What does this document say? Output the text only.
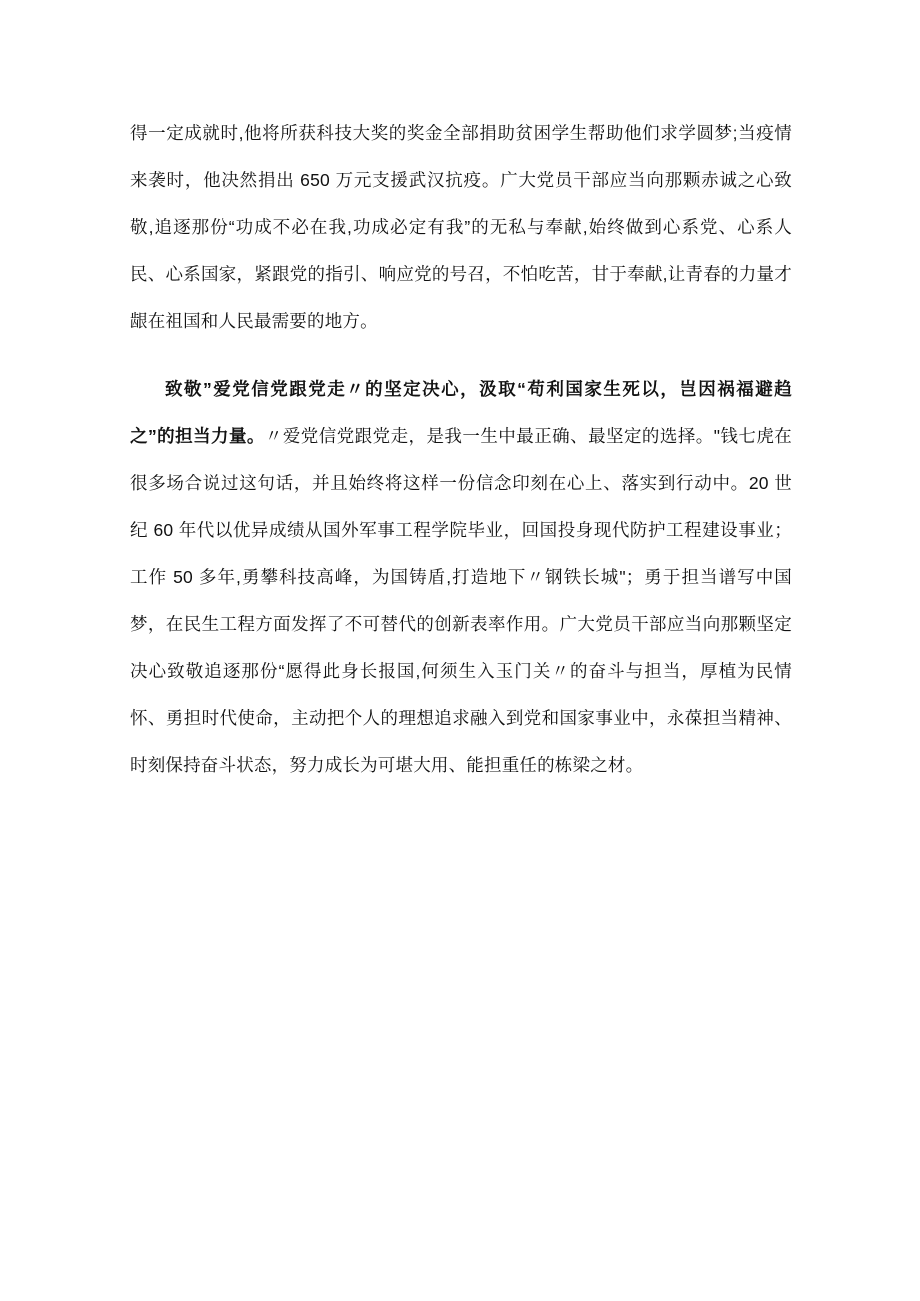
得一定成就时,他将所获科技大奖的奖金全部捐助贫困学生帮助他们求学圆梦;当疫情来袭时，他决然捐出 650 万元支援武汉抗疫。广大党员干部应当向那颗赤诚之心致敬,追逐那份“功成不必在我,功成必定有我”的无私与奉献,始终做到心系党、心系人民、心系国家，紧跟党的指引、响应党的号召，不怕吃苦，甘于奉献,让青春的力量才龈在祖国和人民最需要的地方。

致敬”爱党信党跟党走〃的坚定决心，汲取“苟利国家生死以，岂因祸福避趋之”的担当力量。〃爱党信党跟党走，是我一生中最正确、最坚定的选择。"钱七虎在很多场合说过这句话，并且始终将这样一份信念印刻在心上、落实到行动中。20 世纪 60 年代以优异成绩从国外军事工程学院毕业，回国投身现代防护工程建设事业；工作 50 多年,勇攀科技高峰，为国铸盾,打造地下〃钢铁长城"；勇于担当谱写中国梦，在民生工程方面发挥了不可替代的创新表率作用。广大党员干部应当向那颗坚定决心致敬追逐那份“愿得此身长报国,何须生入玉门关〃的奋斗与担当，厚植为民情怀、勇担时代使命，主动把个人的理想追求融入到党和国家事业中，永葆担当精神、时刻保持奋斗状态，努力成长为可堪大用、能担重任的栋梁之材。
